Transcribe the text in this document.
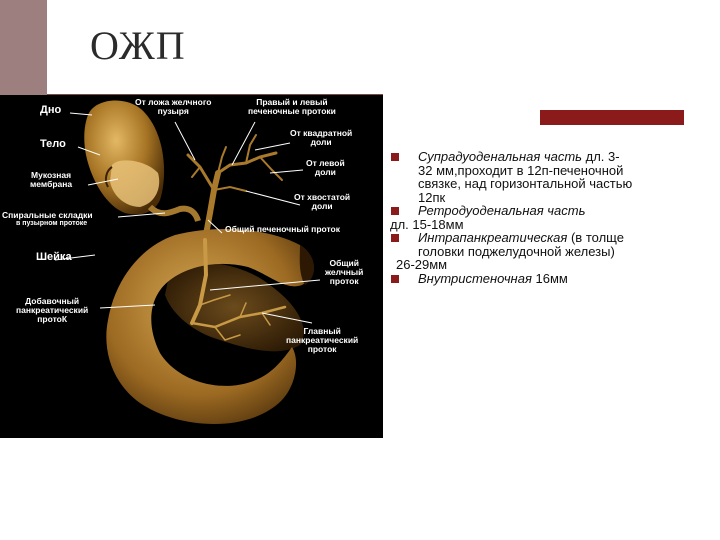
ОЖП
Дно
От ложа желчного
пузыря
Правый и левый
печеночные протоки
От квадратной
доли
Тело
От левой
доли
Мукозная
мембрана
От хвостатой
доли
Спиральные складки
в пузырном протоке
Общий печеночный проток
Шейка	Общий
желчный
проток
Добавочный
панкреатический
протоК
Главный
панкреатический
проток
Супрадуоденальная часть дл. 3-
32 мм,проходит в 12п-печеночной
связке, над горизонтальной частью
12пк
Ретродуоденальная часть
дл. 15-18мм
Интрапанкреатическая (в толще
головки поджелудочной железы)
26-29мм
Внутристеночная 16мм
